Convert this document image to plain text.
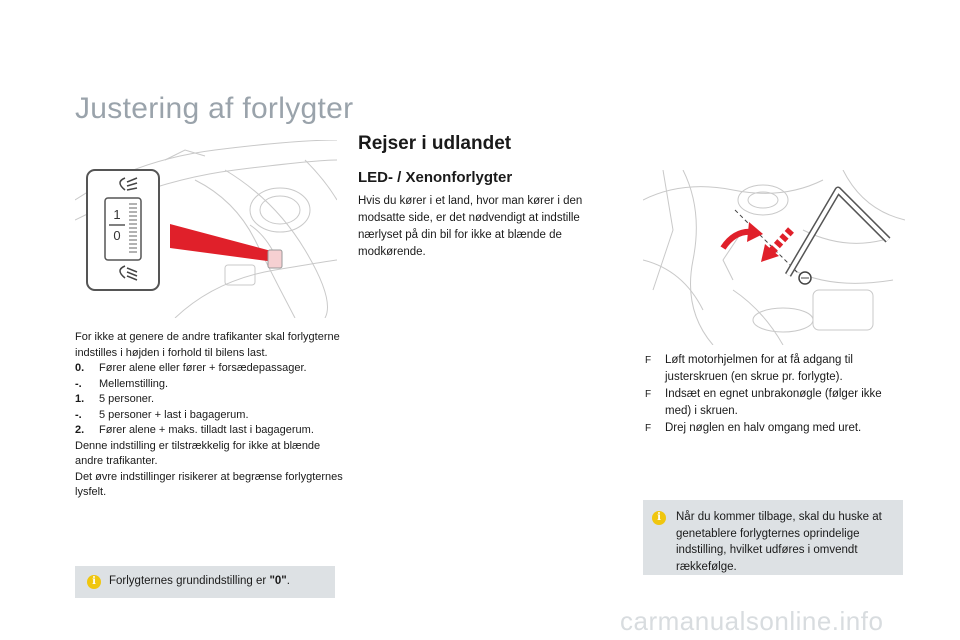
Justering af forlygter
1
0
For ikke at genere de andre trafikanter skal forlygterne indstilles i højden i forhold til bilens last.
0.	Fører alene eller fører + forsædepassager.
-.	Mellemstilling.
1.	5 personer.
-.	5 personer + last i bagagerum.
2.	Fører alene + maks. tilladt last i bagagerum.
Denne indstilling er tilstrækkelig for ikke at blænde andre trafikanter.
Det øvre indstillinger risikerer at begrænse forlygternes lysfelt.
i	Forlygternes grundindstilling er "0".
Rejser i udlandet
LED- / Xenonforlygter
Hvis du kører i et land, hvor man kører i den modsatte side, er det nødvendigt at indstille nærlyset på din bil for ikke at blænde de modkørende.
F	Løft motorhjelmen for at få adgang til justerskruen (en skrue pr. forlygte).
F	Indsæt en egnet unbrakonøgle (følger ikke med) i skruen.
F	Drej nøglen en halv omgang med uret.
i	Når du kommer tilbage, skal du huske at genetablere forlygternes oprindelige indstilling, hvilket udføres i omvendt rækkefølge.
carmanualsonline.info
